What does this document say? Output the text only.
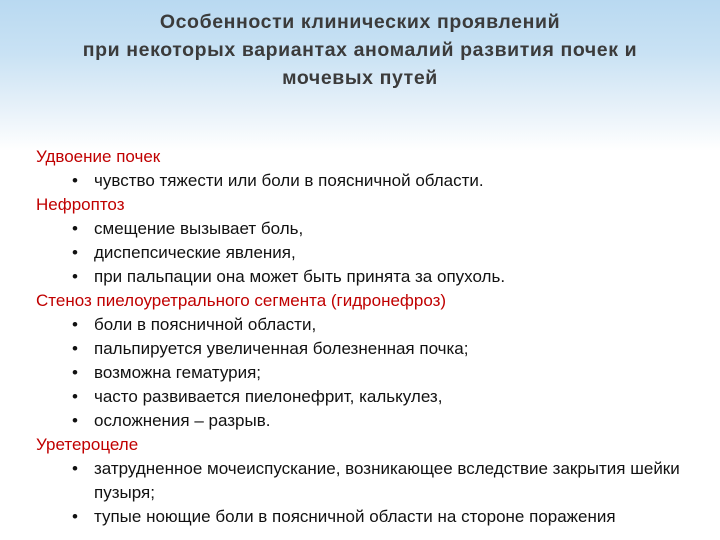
Особенности клинических проявлений
при некоторых вариантах аномалий развития почек и
мочевых путей
Удвоение почек
• чувство тяжести или боли в поясничной области.
Нефроптоз
• смещение вызывает боль,
• диспепсические явления,
• при пальпации она может быть принята за опухоль.
Стеноз пиелоуретрального сегмента (гидронефроз)
• боли в поясничной области,
• пальпируется увеличенная болезненная почка;
• возможна гематурия;
• часто развивается пиелонефрит, калькулез,
• осложнения – разрыв.
Уретероцеле
• затрудненное мочеиспускание, возникающее вследствие закрытия шейки пузыря;
• тупые ноющие боли в поясничной области на стороне поражения
